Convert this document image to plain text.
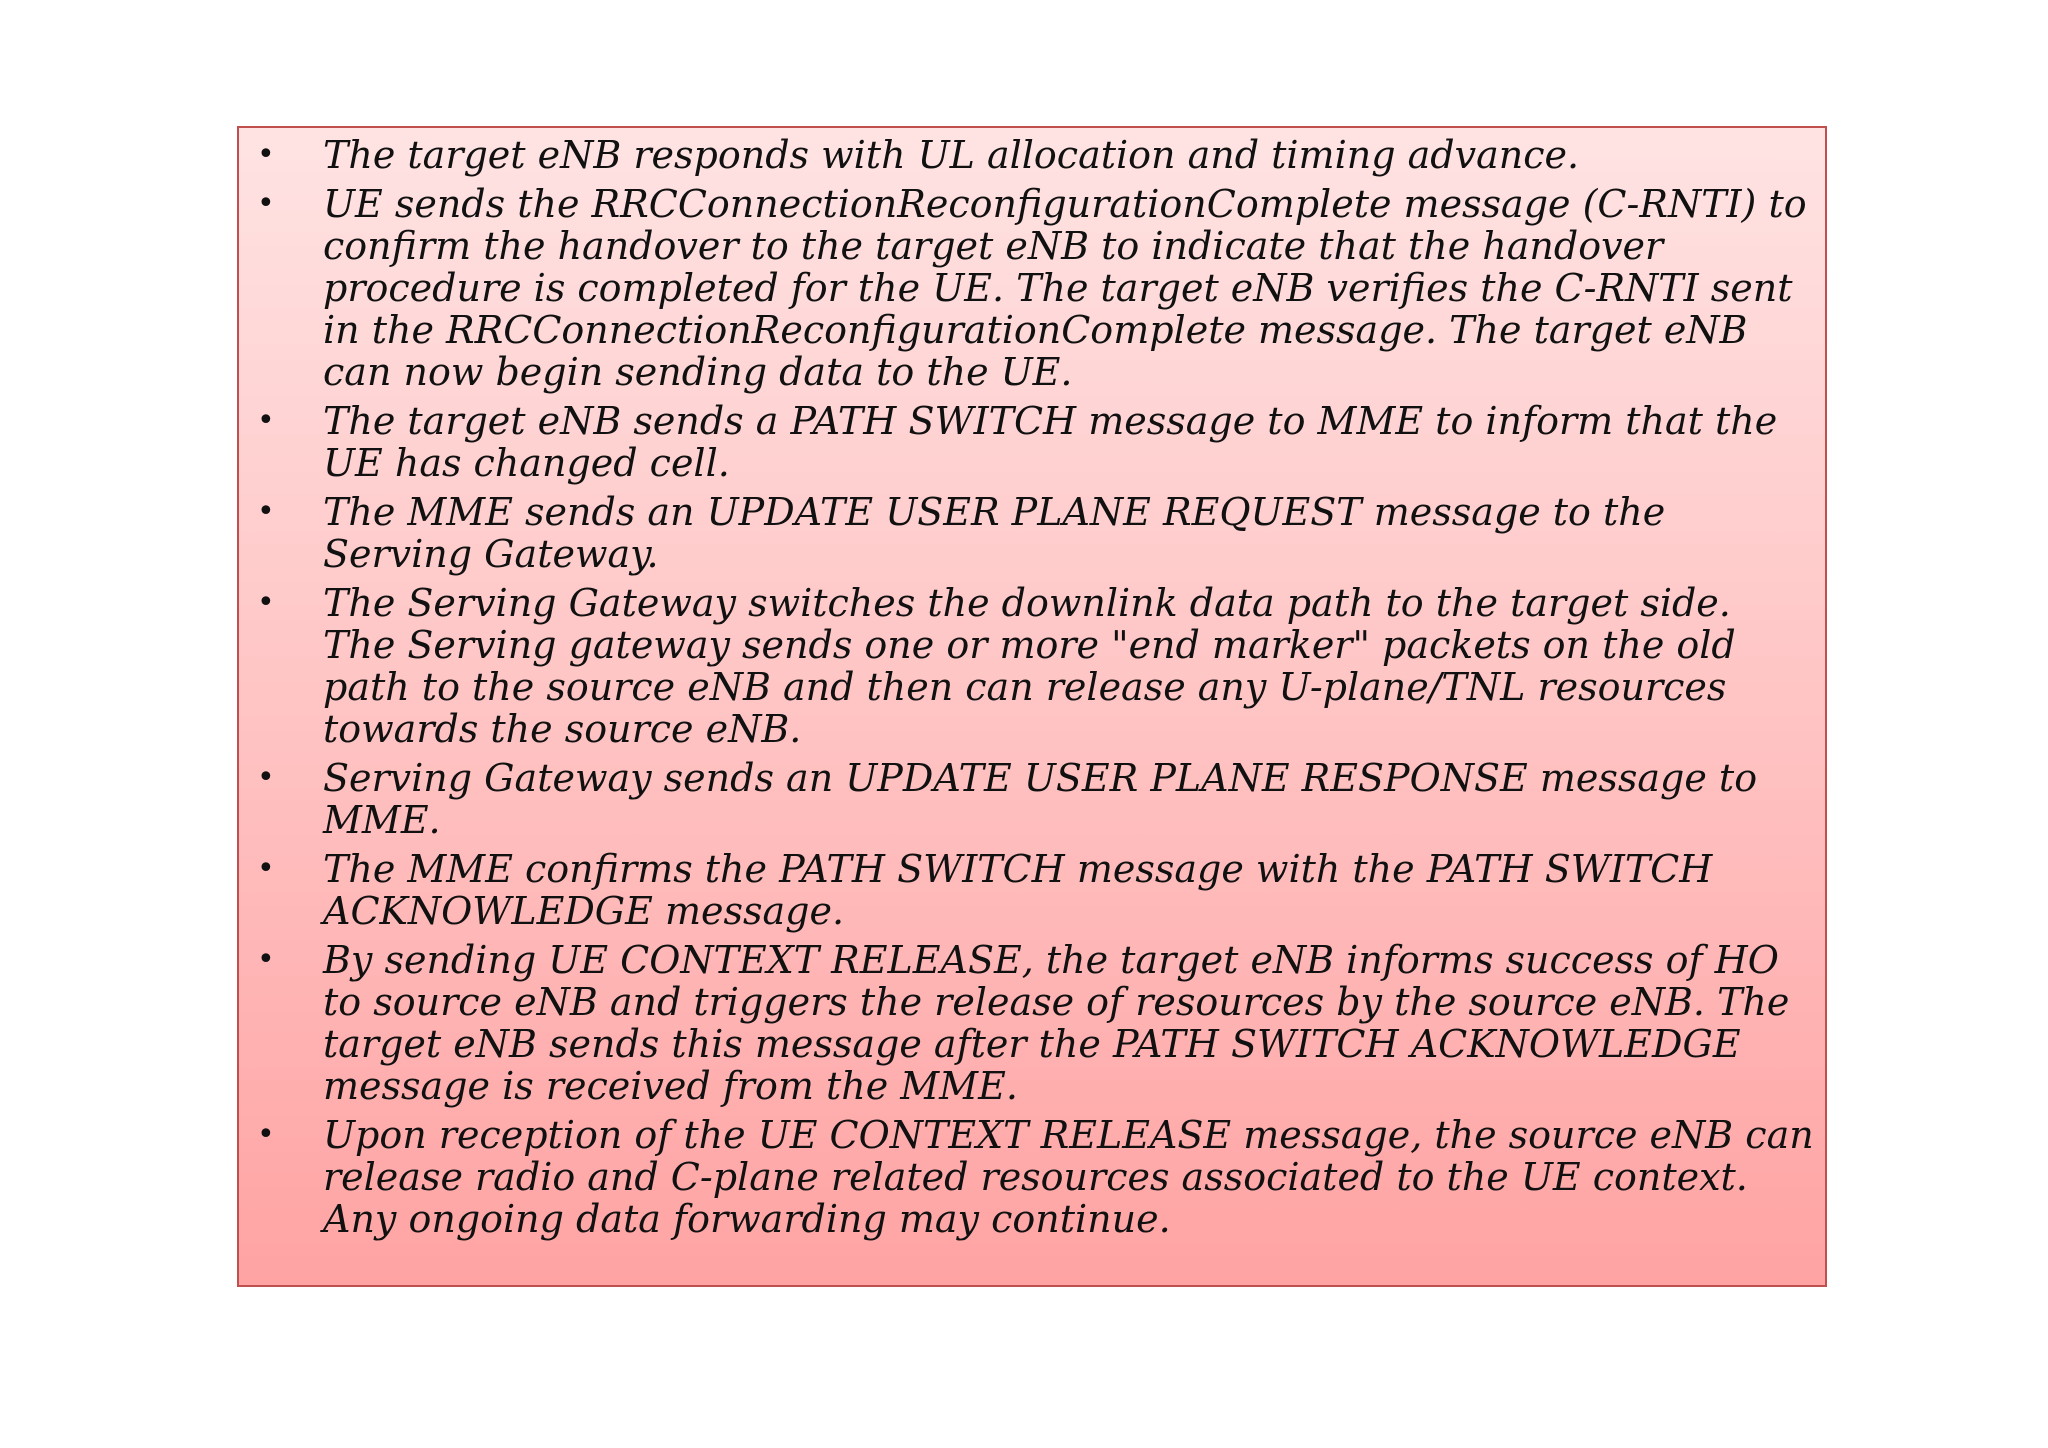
• The target eNB responds with UL allocation and timing advance.
• UE sends the RRCConnectionReconfigurationComplete message (C-RNTI) to confirm the handover to the target eNB to indicate that the handover procedure is completed for the UE. The target eNB verifies the C-RNTI sent in the RRCConnectionReconfigurationComplete message. The target eNB can now begin sending data to the UE.
• The target eNB sends a PATH SWITCH message to MME to inform that the UE has changed cell.
• The MME sends an UPDATE USER PLANE REQUEST message to the Serving Gateway.
• The Serving Gateway switches the downlink data path to the target side. The Serving gateway sends one or more "end marker" packets on the old path to the source eNB and then can release any U-plane/TNL resources towards the source eNB.
• Serving Gateway sends an UPDATE USER PLANE RESPONSE message to MME.
• The MME confirms the PATH SWITCH message with the PATH SWITCH ACKNOWLEDGE message.
• By sending UE CONTEXT RELEASE, the target eNB informs success of HO to source eNB and triggers the release of resources by the source eNB. The target eNB sends this message after the PATH SWITCH ACKNOWLEDGE message is received from the MME.
• Upon reception of the UE CONTEXT RELEASE message, the source eNB can release radio and C-plane related resources associated to the UE context. Any ongoing data forwarding may continue.
